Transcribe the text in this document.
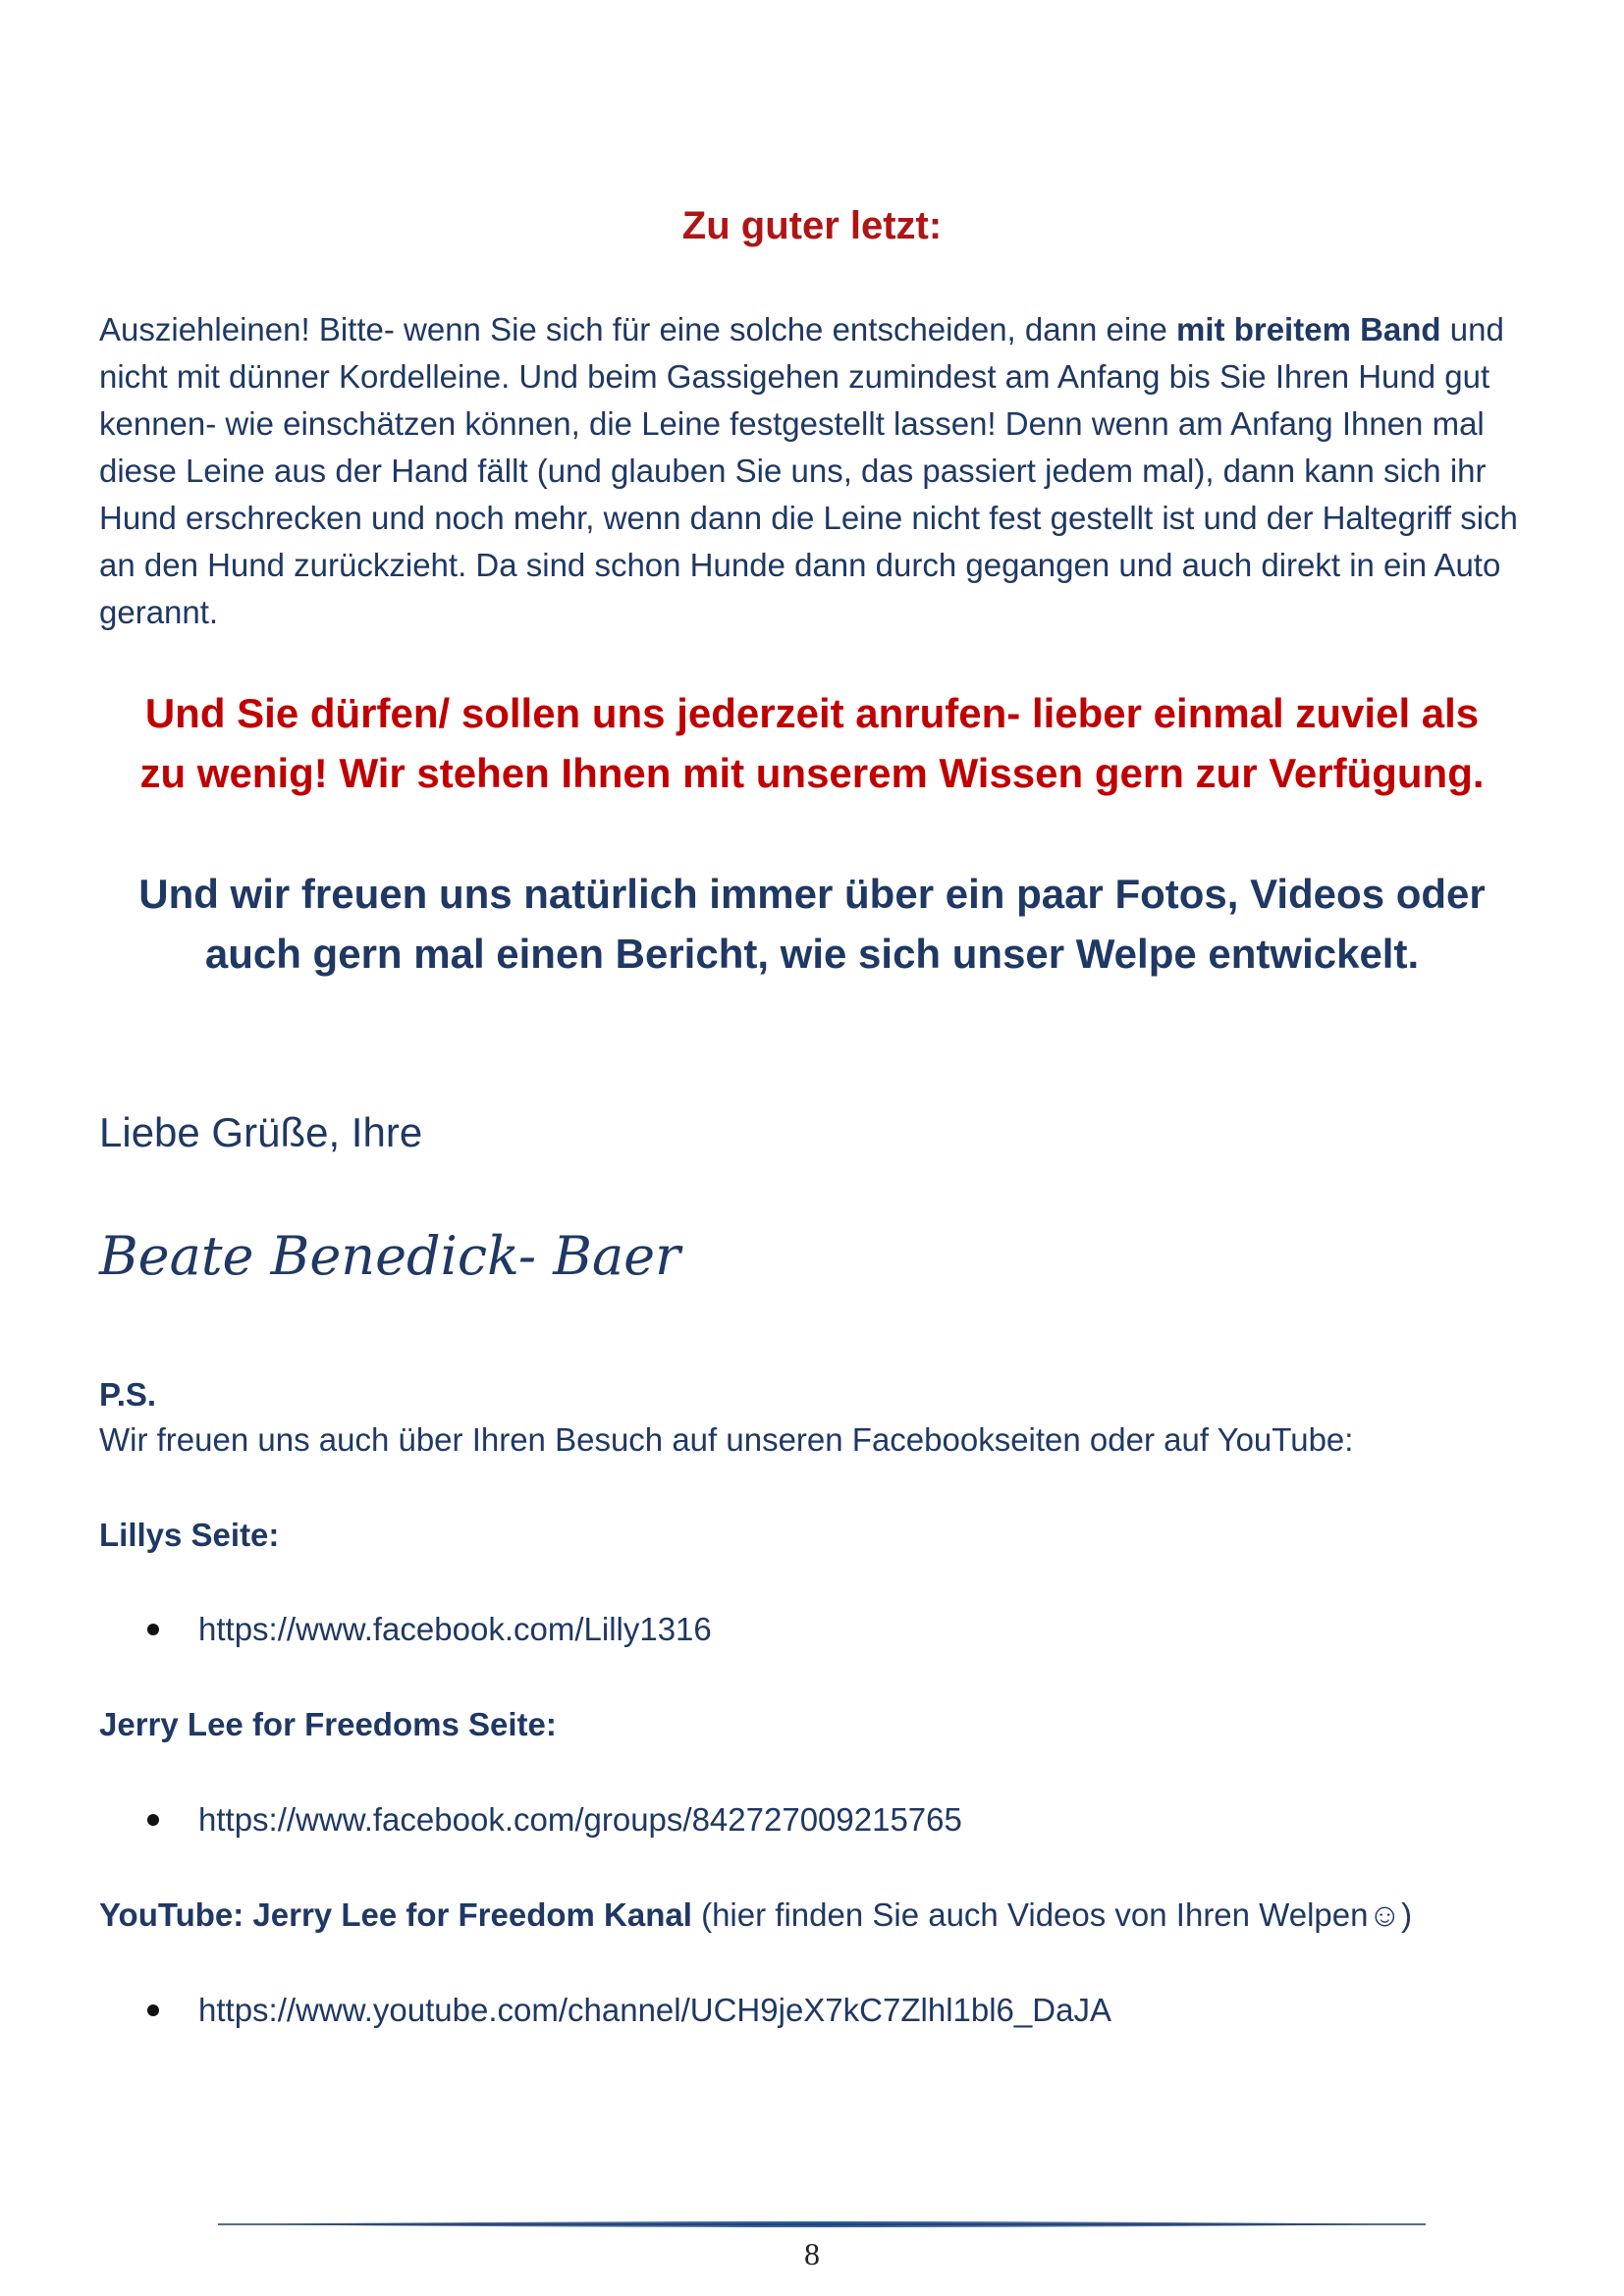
Zu guter letzt:
Ausziehleinen! Bitte- wenn Sie sich für eine solche entscheiden, dann eine mit breitem Band und nicht mit dünner Kordelleine. Und beim Gassigehen zumindest am Anfang bis Sie Ihren Hund gut kennen- wie einschätzen können, die Leine festgestellt lassen! Denn wenn am Anfang Ihnen mal diese Leine aus der Hand fällt (und glauben Sie uns, das passiert jedem mal), dann kann sich ihr Hund erschrecken und noch mehr, wenn dann die Leine nicht fest gestellt ist und der Haltegriff sich an den Hund zurückzieht. Da sind schon Hunde dann durch gegangen und auch direkt in ein Auto gerannt.
Und Sie dürfen/ sollen uns jederzeit anrufen- lieber einmal zuviel als
zu wenig! Wir stehen Ihnen mit unserem Wissen gern zur Verfügung.
Und wir freuen uns natürlich immer über ein paar Fotos, Videos oder
auch gern mal einen Bericht, wie sich unser Welpe entwickelt.
Liebe Grüße, Ihre
Beate Benedick- Baer
P.S.
Wir freuen uns auch über Ihren Besuch auf unseren Facebookseiten oder auf YouTube:
Lillys Seite:
https://www.facebook.com/Lilly1316
Jerry Lee for Freedoms Seite:
https://www.facebook.com/groups/842727009215765
YouTube: Jerry Lee for Freedom Kanal (hier finden Sie auch Videos von Ihren Welpen☺)
https://www.youtube.com/channel/UCH9jeX7kC7Zlhl1bl6_DaJA
8
